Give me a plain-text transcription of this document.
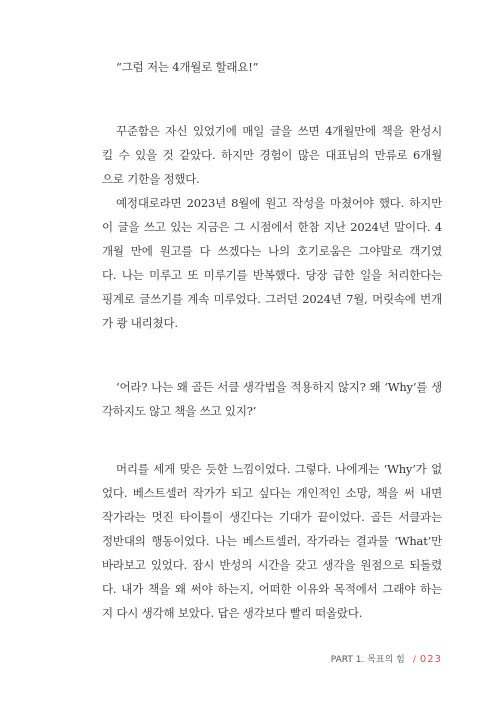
“그럼 저는 4개월로 할래요!”

꾸준함은 자신 있었기에 매일 글을 쓰면 4개월만에 책을 완성시

킬 수 있을 것 같았다. 하지만 경험이 많은 대표님의 만류로 6개월

으로 기한을 정했다.

예정대로라면 2023년 8월에 원고 작성을 마쳤어야 했다. 하지만

이 글을 쓰고 있는 지금은 그 시점에서 한참 지난 2024년 말이다. 4

개월 만에 원고를 다 쓰겠다는 나의 호기로움은 그야말로 객기였

다. 나는 미루고 또 미루기를 반복했다. 당장 급한 일을 처리한다는

핑계로 글쓰기를 계속 미루었다. 그러던 2024년 7월, 머릿속에 번개

가 쾅 내리쳤다.

‘어라? 나는 왜 골든 서클 생각법을 적용하지 않지? 왜 ‘Why’를 생

각하지도 않고 책을 쓰고 있지?’

머리를 세게 맞은 듯한 느낌이었다. 그렇다. 나에게는 ‘Why’가 없

었다. 베스트셀러 작가가 되고 싶다는 개인적인 소망, 책을 써 내면

작가라는 멋진 타이틀이 생긴다는 기대가 끝이었다. 골든 서클과는

정반대의 행동이었다. 나는 베스트셀러, 작가라는 결과물 ‘What’만

바라보고 있었다. 잠시 반성의 시간을 갖고 생각을 원점으로 되돌렸

다. 내가 책을 왜 써야 하는지, 어떠한 이유와 목적에서 그래야 하는

지 다시 생각해 보았다. 답은 생각보다 빨리 떠올랐다.

PART 1. 목표의 힘 / 023
